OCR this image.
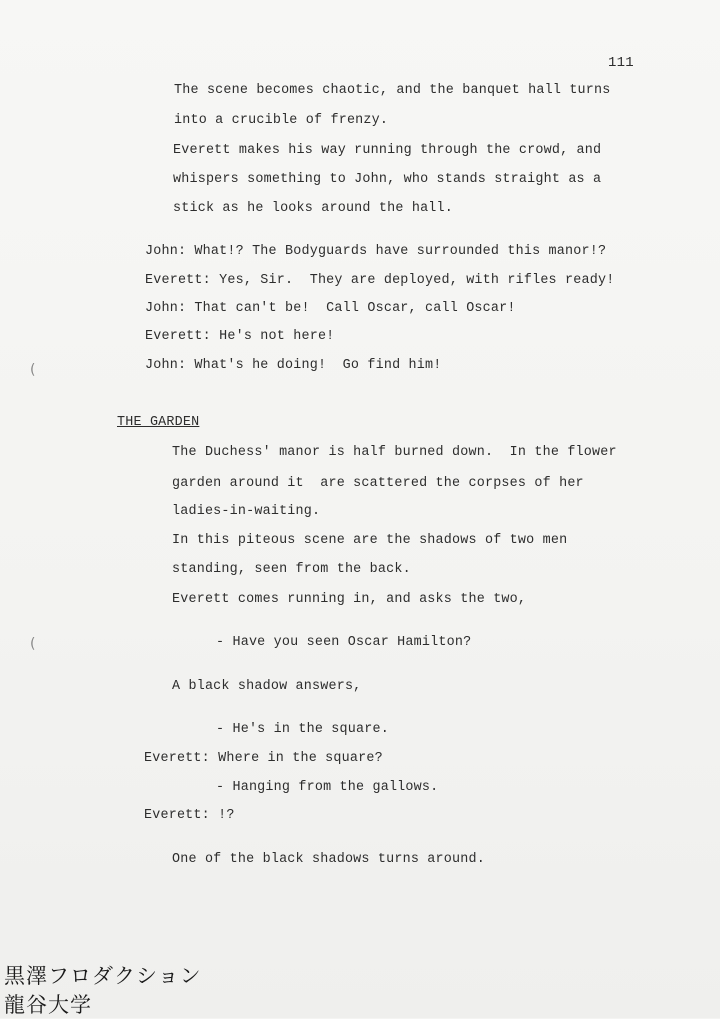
111
The scene becomes chaotic, and the banquet hall turns
into a crucible of frenzy.
Everett makes his way running through the crowd, and
whispers something to John, who stands straight as a
stick as he looks around the hall.
John: What!? The Bodyguards have surrounded this manor!?
Everett: Yes, Sir.  They are deployed, with rifles ready!
John: That can't be!  Call Oscar, call Oscar!
Everett: He's not here!
John: What's he doing!  Go find him!
THE GARDEN
The Duchess' manor is half burned down.  In the flower
garden around it  are scattered the corpses of her
ladies-in-waiting.
In this piteous scene are the shadows of two men
standing, seen from the back.
Everett comes running in, and asks the two,
- Have you seen Oscar Hamilton?
A black shadow answers,
- He's in the square.
Everett: Where in the square?
- Hanging from the gallows.
Everett: !?
One of the black shadows turns around.
(
(
黒澤フロダクション
龍谷大学
